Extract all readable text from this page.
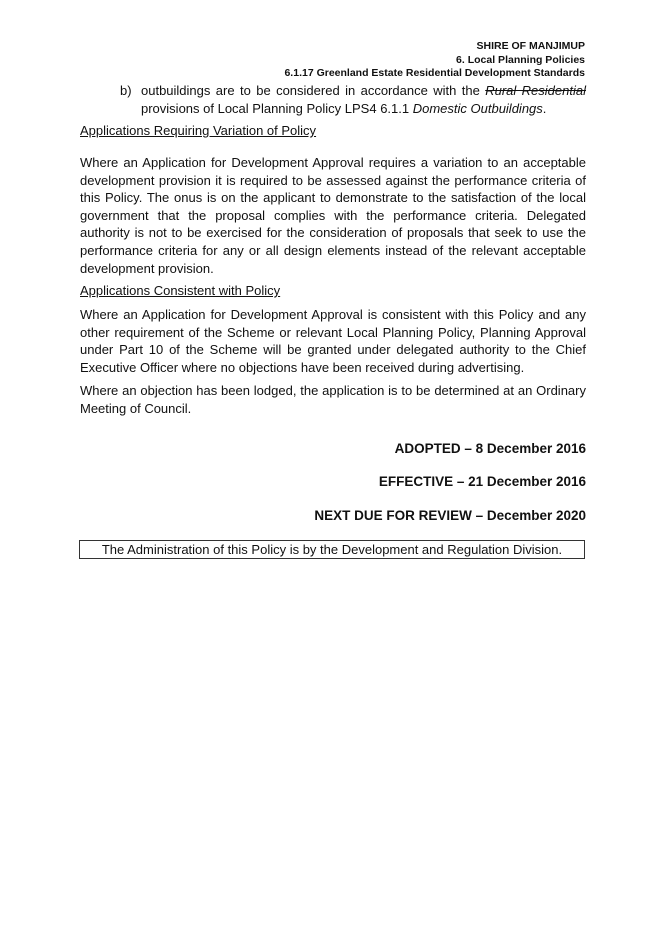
SHIRE OF MANJIMUP
6. Local Planning Policies
6.1.17 Greenland Estate Residential Development Standards
b) outbuildings are to be considered in accordance with the Rural Residential provisions of Local Planning Policy LPS4 6.1.1 Domestic Outbuildings.
Applications Requiring Variation of Policy
Where an Application for Development Approval requires a variation to an acceptable development provision it is required to be assessed against the performance criteria of this Policy. The onus is on the applicant to demonstrate to the satisfaction of the local government that the proposal complies with the performance criteria. Delegated authority is not to be exercised for the consideration of proposals that seek to use the performance criteria for any or all design elements instead of the relevant acceptable development provision.
Applications Consistent with Policy
Where an Application for Development Approval is consistent with this Policy and any other requirement of the Scheme or relevant Local Planning Policy, Planning Approval under Part 10 of the Scheme will be granted under delegated authority to the Chief Executive Officer where no objections have been received during advertising.
Where an objection has been lodged, the application is to be determined at an Ordinary Meeting of Council.
ADOPTED – 8 December 2016
EFFECTIVE – 21 December 2016
NEXT DUE FOR REVIEW – December 2020
The Administration of this Policy is by the Development and Regulation Division.
